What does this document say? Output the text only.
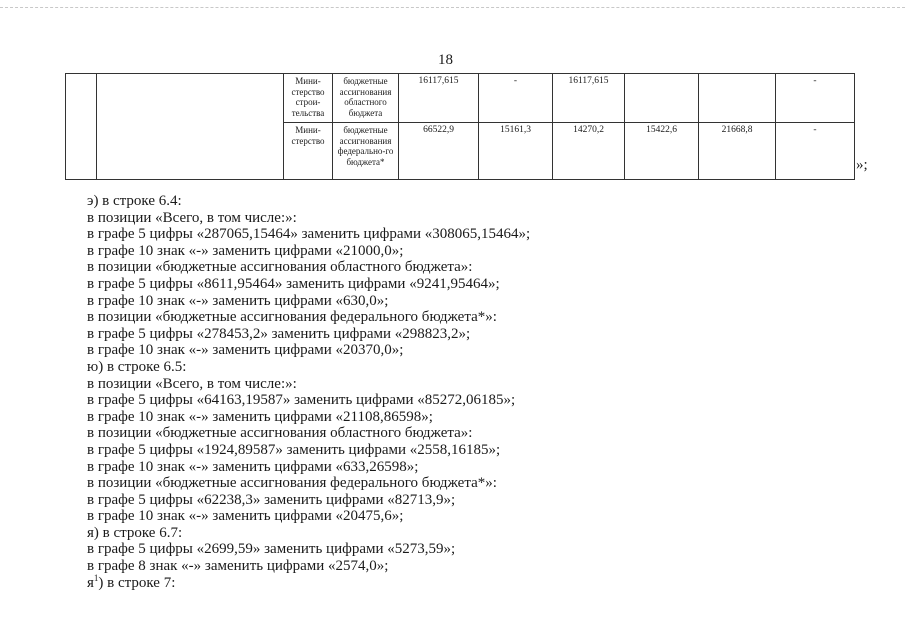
18
		Мини-стерство строи-тельства	бюджетные ассигнования областного бюджета	16117,615	-	16117,615			-
		Мини-стерство	бюджетные ассигнования федерально-го бюджета*	66522,9	15161,3	14270,2	15422,6	21668,8	-
»;
э) в строке 6.4:
в позиции «Всего, в том числе:»:
в графе 5 цифры «287065,15464» заменить цифрами «308065,15464»;
в графе 10 знак «-» заменить цифрами «21000,0»;
в позиции «бюджетные ассигнования областного бюджета»:
в графе 5 цифры «8611,95464» заменить цифрами «9241,95464»;
в графе 10 знак «-» заменить цифрами «630,0»;
в позиции «бюджетные ассигнования федерального бюджета*»:
в графе 5 цифры «278453,2» заменить цифрами «298823,2»;
в графе 10 знак «-» заменить цифрами «20370,0»;
ю) в строке 6.5:
в позиции «Всего, в том числе:»:
в графе 5 цифры «64163,19587» заменить цифрами «85272,06185»;
в графе 10 знак «-» заменить цифрами «21108,86598»;
в позиции «бюджетные ассигнования областного бюджета»:
в графе 5 цифры «1924,89587» заменить цифрами «2558,16185»;
в графе 10 знак «-» заменить цифрами «633,26598»;
в позиции «бюджетные ассигнования федерального бюджета*»:
в графе 5 цифры «62238,3» заменить цифрами «82713,9»;
в графе 10 знак «-» заменить цифрами «20475,6»;
я) в строке 6.7:
в графе 5 цифры «2699,59» заменить цифрами «5273,59»;
в графе 8 знак «-» заменить цифрами «2574,0»;
$я^1$) в строке 7:
